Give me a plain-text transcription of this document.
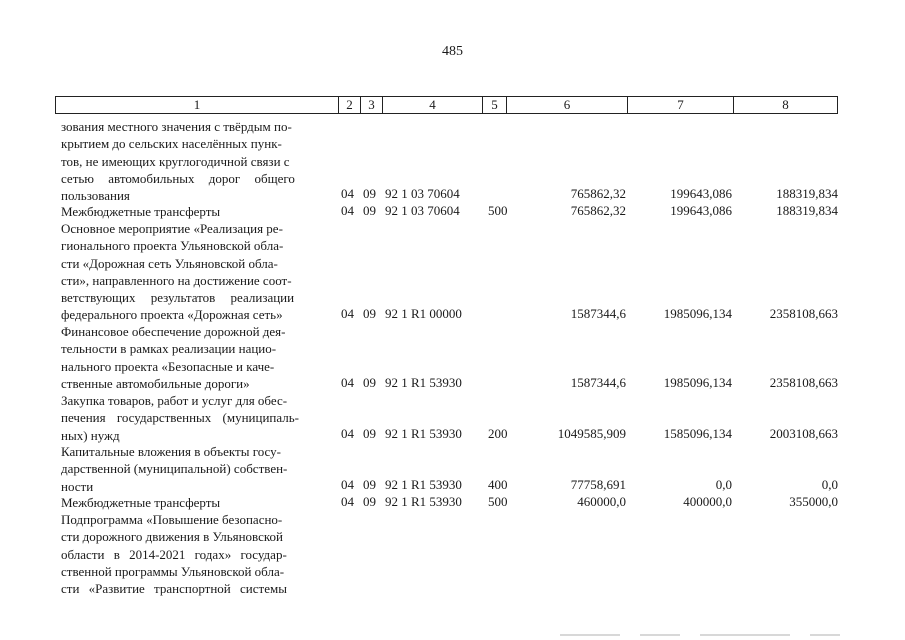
485
1	2	3	4	5	6	7	8
зования местного значения с твёрдым по-
крытием до сельских населённых пунк-
тов, не имеющих круглогодичной связи с
сетью автомобильных дорог общего
пользования	04 09 92 1 03 70604	765862,32	199643,086	188319,834
Межбюджетные трансферты	04 09 92 1 03 70604 500	765862,32	199643,086	188319,834
Основное мероприятие «Реализация ре-
гионального проекта Ульяновской обла-
сти «Дорожная сеть Ульяновской обла-
сти», направленного на достижение соот-
ветствующих результатов реализации
федерального проекта «Дорожная сеть»	04 09 92 1 R1 00000	1587344,6	1985096,134	2358108,663
Финансовое обеспечение дорожной дея-
тельности в рамках реализации нацио-
нального проекта «Безопасные и каче-
ственные автомобильные дороги»	04 09 92 1 R1 53930	1587344,6	1985096,134	2358108,663
Закупка товаров, работ и услуг для обес-
печения государственных (муниципаль-
ных) нужд	04 09 92 1 R1 53930 200	1049585,909	1585096,134	2003108,663
Капитальные вложения в объекты госу-
дарственной (муниципальной) собствен-
ности	04 09 92 1 R1 53930 400	77758,691	0,0	0,0
Межбюджетные трансферты	04 09 92 1 R1 53930 500	460000,0	400000,0	355000,0
Подпрограмма «Повышение безопасно-
сти дорожного движения в Ульяновской
области в 2014-2021 годах» государ-
ственной программы Ульяновской обла-
сти «Развитие транспортной системы
